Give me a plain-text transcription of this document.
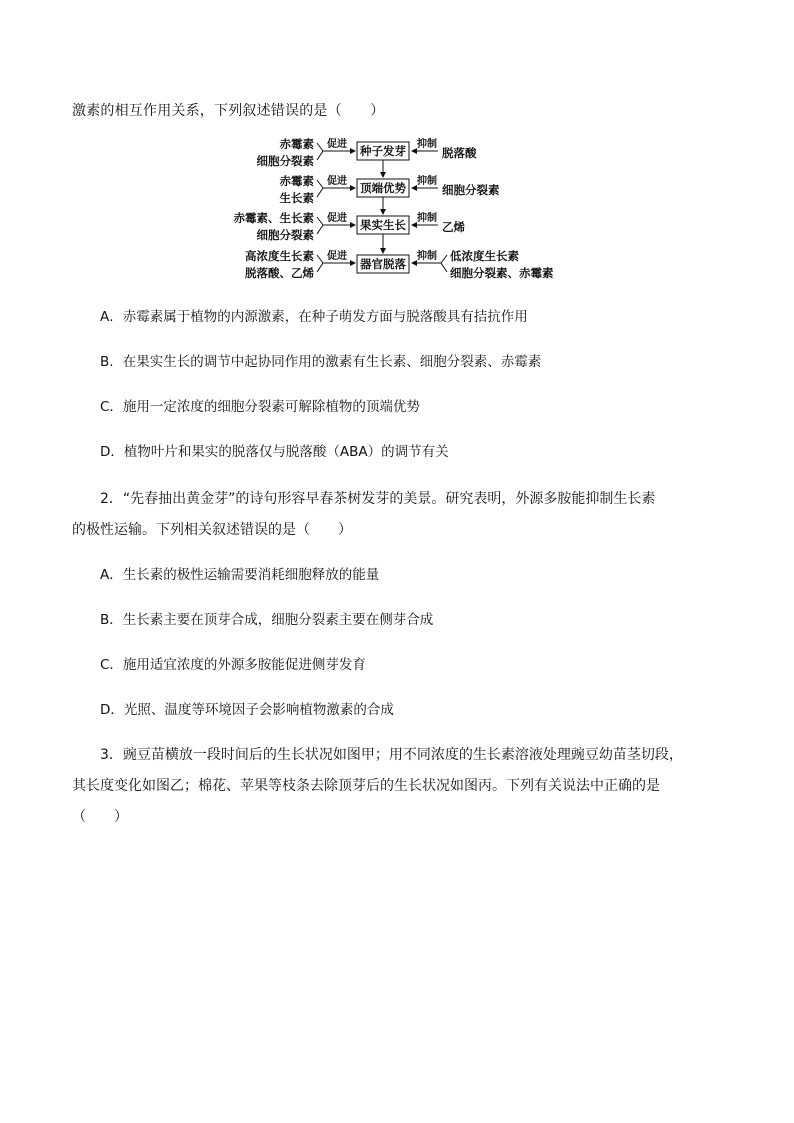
激素的相互作用关系，下列叙述错误的是（　　）
赤霉素
细胞分裂素
促进 种子发芽 抑制
脱落酸
赤霉素
生长素
促进 顶端优势 抑制
细胞分裂素
赤霉素、生长素
细胞分裂素
促进 果实生长 抑制
乙烯
高浓度生长素
脱落酸、乙烯
促进
器官脱落
抑制 低浓度生长素
细胞分裂素、赤霉素
A．赤霉素属于植物的内源激素，在种子萌发方面与脱落酸具有拮抗作用
B．在果实生长的调节中起协同作用的激素有生长素、细胞分裂素、赤霉素
C．施用一定浓度的细胞分裂素可解除植物的顶端优势
D．植物叶片和果实的脱落仅与脱落酸（ABA）的调节有关
2．“先春抽出黄金芽”的诗句形容早春茶树发芽的美景。研究表明，外源多胺能抑制生长素
的极性运输。下列相关叙述错误的是（　　）
A．生长素的极性运输需要消耗细胞释放的能量
B．生长素主要在顶芽合成，细胞分裂素主要在侧芽合成
C．施用适宜浓度的外源多胺能促进侧芽发育
D．光照、温度等环境因子会影响植物激素的合成
3．豌豆苗横放一段时间后的生长状况如图甲；用不同浓度的生长素溶液处理豌豆幼苗茎切段，
其长度变化如图乙；棉花、苹果等枝条去除顶芽后的生长状况如图丙。下列有关说法中正确的是
（　　）
